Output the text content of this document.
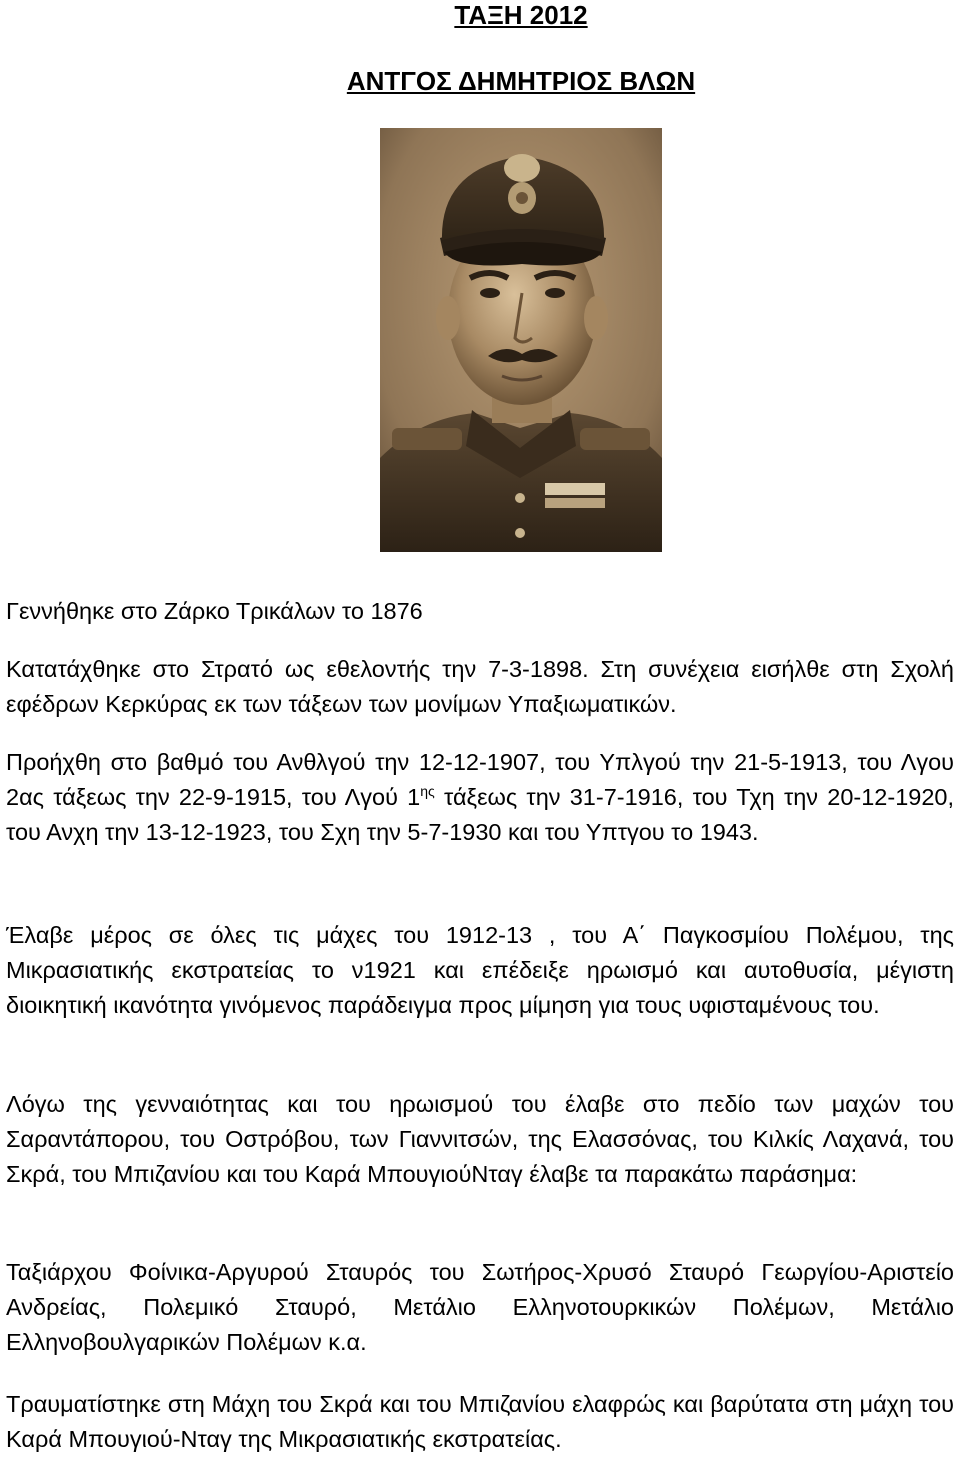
ΤΑΞΗ 2012
ΑΝΤΓΟΣ ΔΗΜΗΤΡΙΟΣ ΒΛΩΝ

Γεννήθηκε στο Ζάρκο Τρικάλων το 1876

Κατατάχθηκε στο Στρατό ως εθελοντής την 7-3-1898. Στη συνέχεια εισήλθε στη Σχολή εφέδρων Κερκύρας εκ των τάξεων των μονίμων Υπαξιωματικών.

Προήχθη στο βαθμό του Ανθλγού την 12-12-1907, του Υπλγού την 21-5-1913, του Λγου 2ας τάξεως την 22-9-1915, του Λγού $1^{\eta\varsigma}$ τάξεως την 31-7-1916, του Τχη την 20-12-1920, του Ανχη την 13-12-1923, του Σχη την 5-7-1930 και του Υπτγου το 1943.

Έλαβε μέρος σε όλες τις μάχες του 1912-13 , του Α΄ Παγκοσμίου Πολέμου, της Μικρασιατικής εκστρατείας το ν1921 και επέδειξε ηρωισμό και αυτοθυσία, μέγιστη διοικητική ικανότητα γινόμενος παράδειγμα προς μίμηση για τους υφισταμένους του.

Λόγω της γενναιότητας και του ηρωισμού του έλαβε στο πεδίο των μαχών του Σαραντάπορου, του Οστρόβου, των Γιαννιτσών, της Ελασσόνας, του Κιλκίς Λαχανά, του Σκρά, του Μπιζανίου και του Καρά ΜπουγιούΝταγ έλαβε τα παρακάτω παράσημα:

Ταξιάρχου Φοίνικα-Αργυρού Σταυρός του Σωτήρος-Χρυσό Σταυρό Γεωργίου-Αριστείο Ανδρείας, Πολεμικό Σταυρό, Μετάλιο Ελληνοτουρκικών Πολέμων, Μετάλιο Ελληνοβουλγαρικών Πολέμων κ.α.

Τραυματίστηκε στη Μάχη του Σκρά και του Μπιζανίου ελαφρώς και βαρύτατα στη μάχη του Καρά Μπουγιού-Νταγ της Μικρασιατικής εκστρατείας.
